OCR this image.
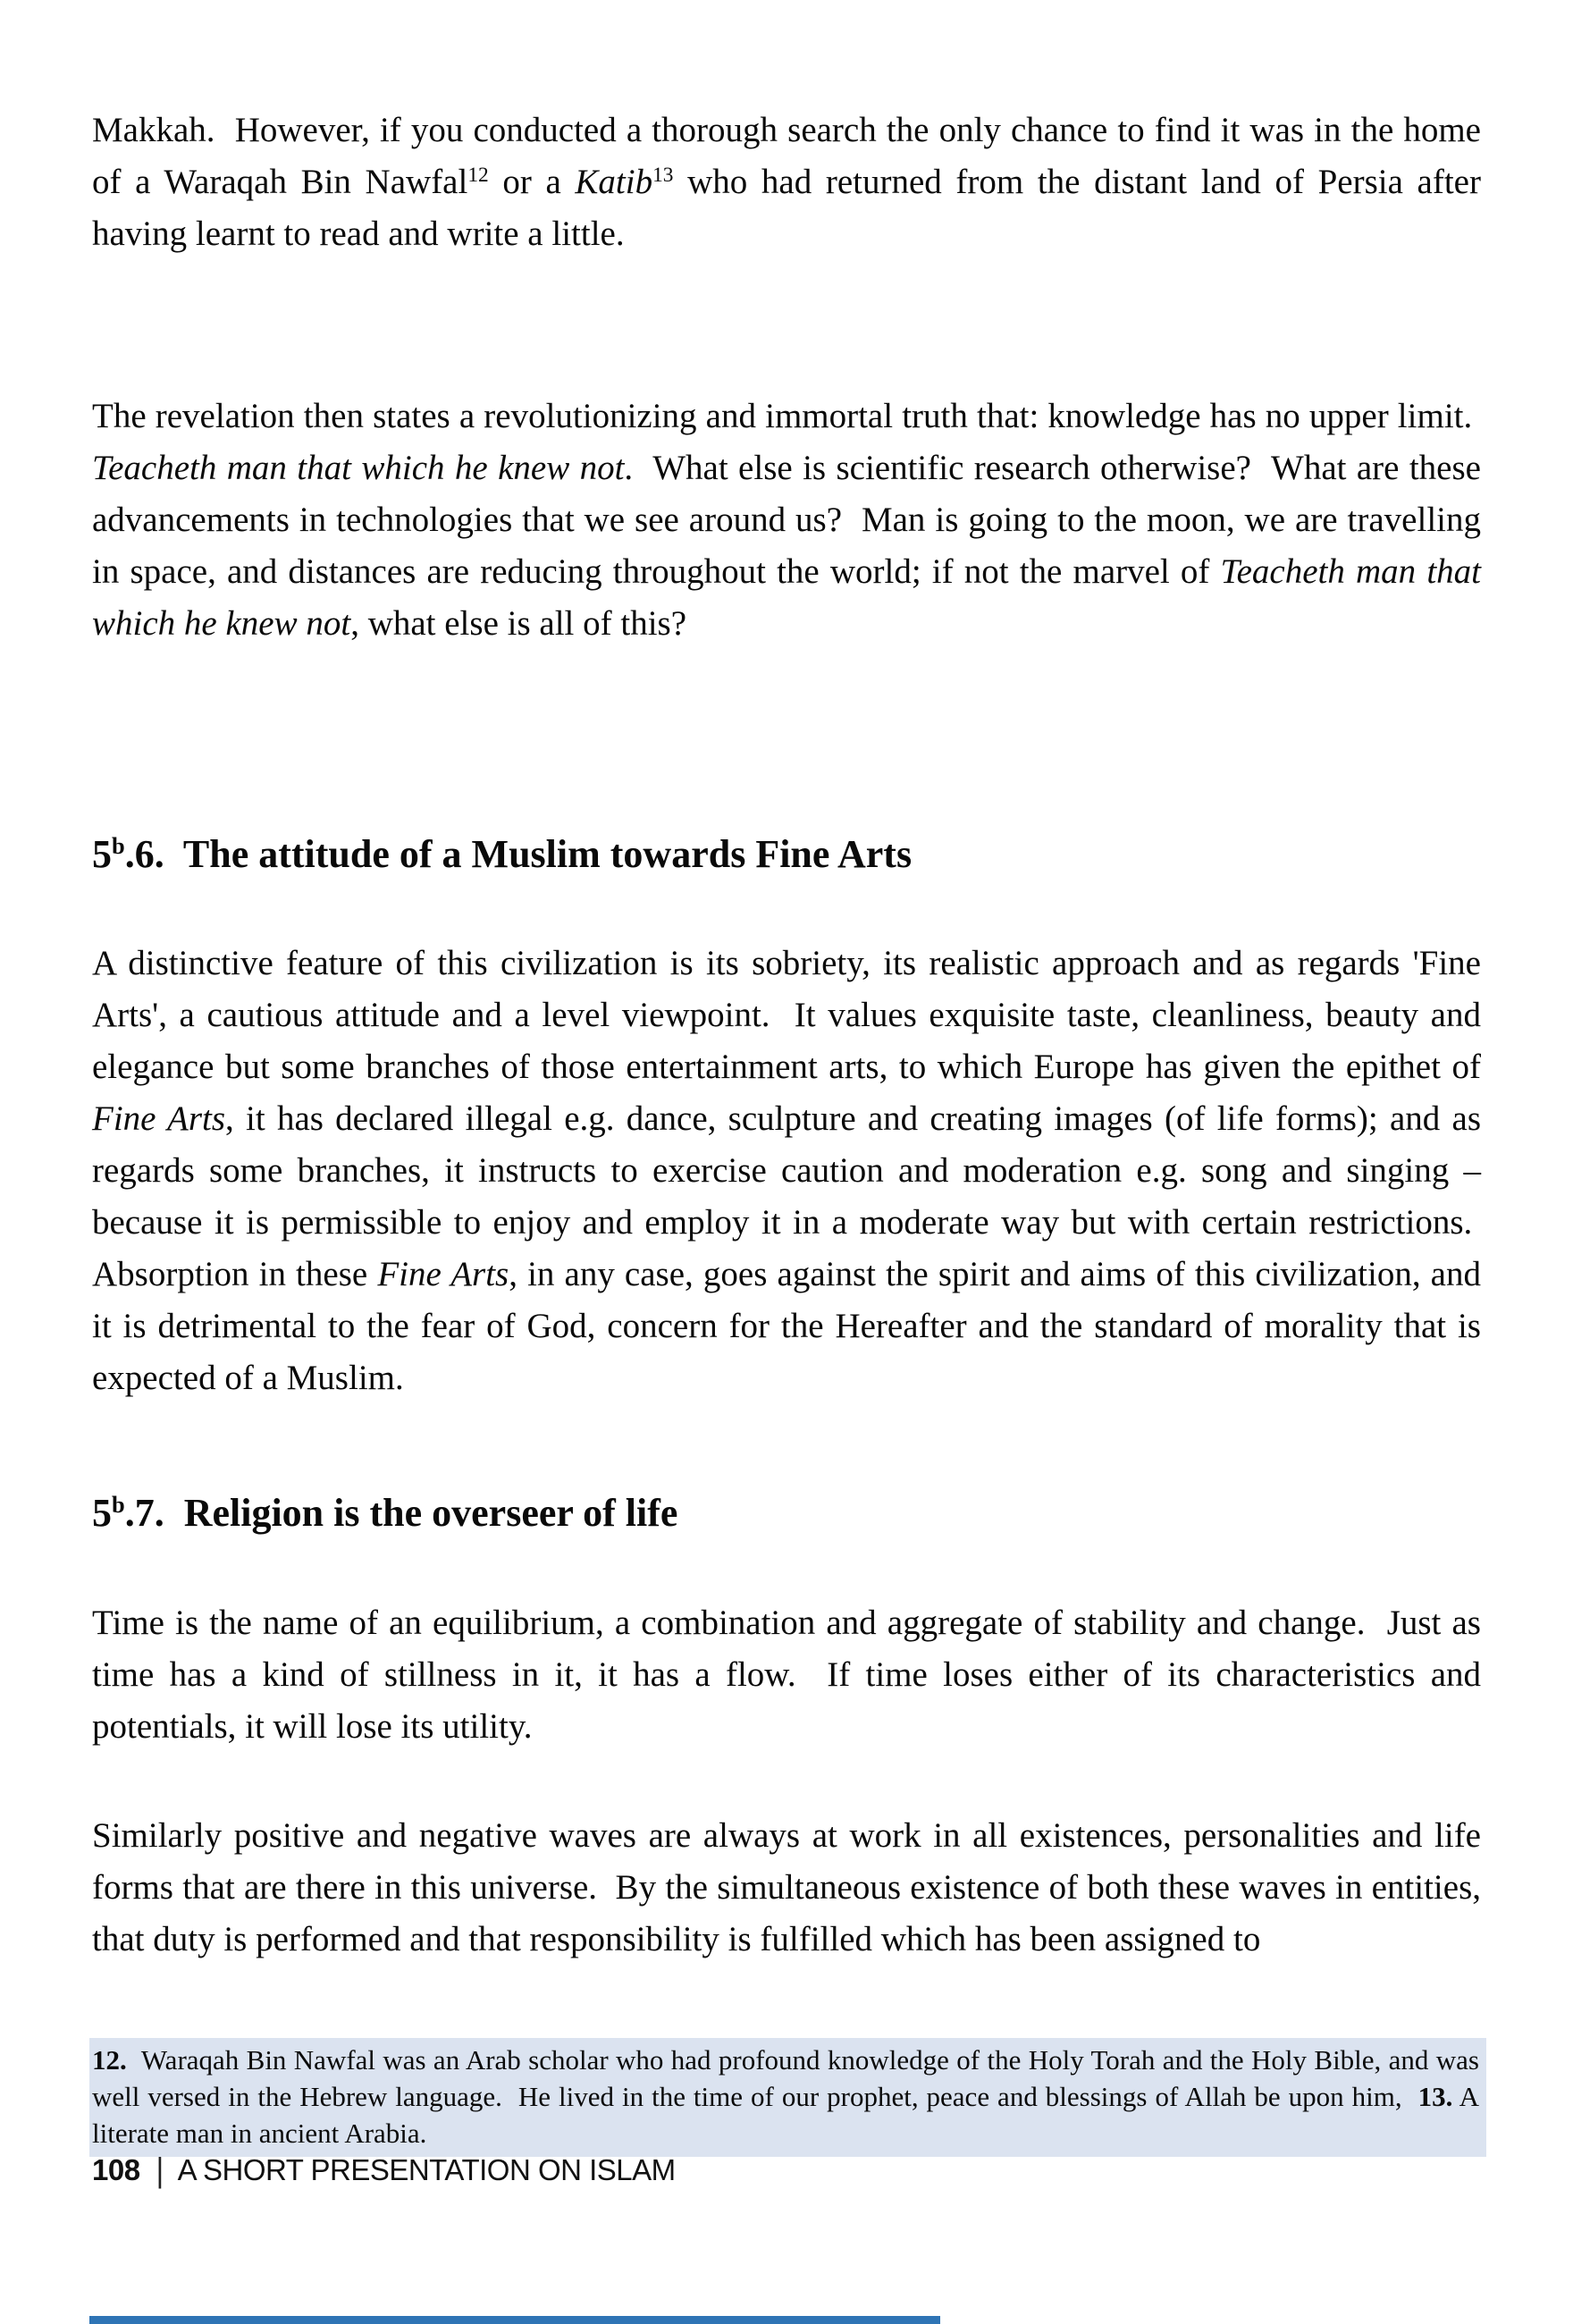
Makkah.  However, if you conducted a thorough search the only chance to find it was in the home of a Waraqah Bin Nawfal$^{12}$ or a Katib$^{13}$ who had returned from the distant land of Persia after having learnt to read and write a little.

The revelation then states a revolutionizing and immortal truth that: knowledge has no upper limit.  Teacheth man that which he knew not.  What else is scientific research otherwise?  What are these advancements in technologies that we see around us?  Man is going to the moon, we are travelling in space, and distances are reducing throughout the world; if not the marvel of Teacheth man that which he knew not, what else is all of this?

5$^b$.6.  The attitude of a Muslim towards Fine Arts

A distinctive feature of this civilization is its sobriety, its realistic approach and as regards 'Fine Arts', a cautious attitude and a level viewpoint.  It values exquisite taste, cleanliness, beauty and elegance but some branches of those entertainment arts, to which Europe has given the epithet of Fine Arts, it has declared illegal e.g. dance, sculpture and creating images (of life forms); and as regards some branches, it instructs to exercise caution and moderation e.g. song and singing – because it is permissible to enjoy and employ it in a moderate way but with certain restrictions.  Absorption in these Fine Arts, in any case, goes against the spirit and aims of this civilization, and it is detrimental to the fear of God, concern for the Hereafter and the standard of morality that is expected of a Muslim.

5$^b$.7.  Religion is the overseer of life

Time is the name of an equilibrium, a combination and aggregate of stability and change.  Just as time has a kind of stillness in it, it has a flow.  If time loses either of its characteristics and potentials, it will lose its utility.

Similarly positive and negative waves are always at work in all existences, personalities and life forms that are there in this universe.  By the simultaneous existence of both these waves in entities, that duty is performed and that responsibility is fulfilled which has been assigned to

12.  Waraqah Bin Nawfal was an Arab scholar who had profound knowledge of the Holy Torah and the Holy Bible, and was well versed in the Hebrew language.  He lived in the time of our prophet, peace and blessings of Allah be upon him,  13. A literate man in ancient Arabia.
108 | A SHORT PRESENTATION ON ISLAM
